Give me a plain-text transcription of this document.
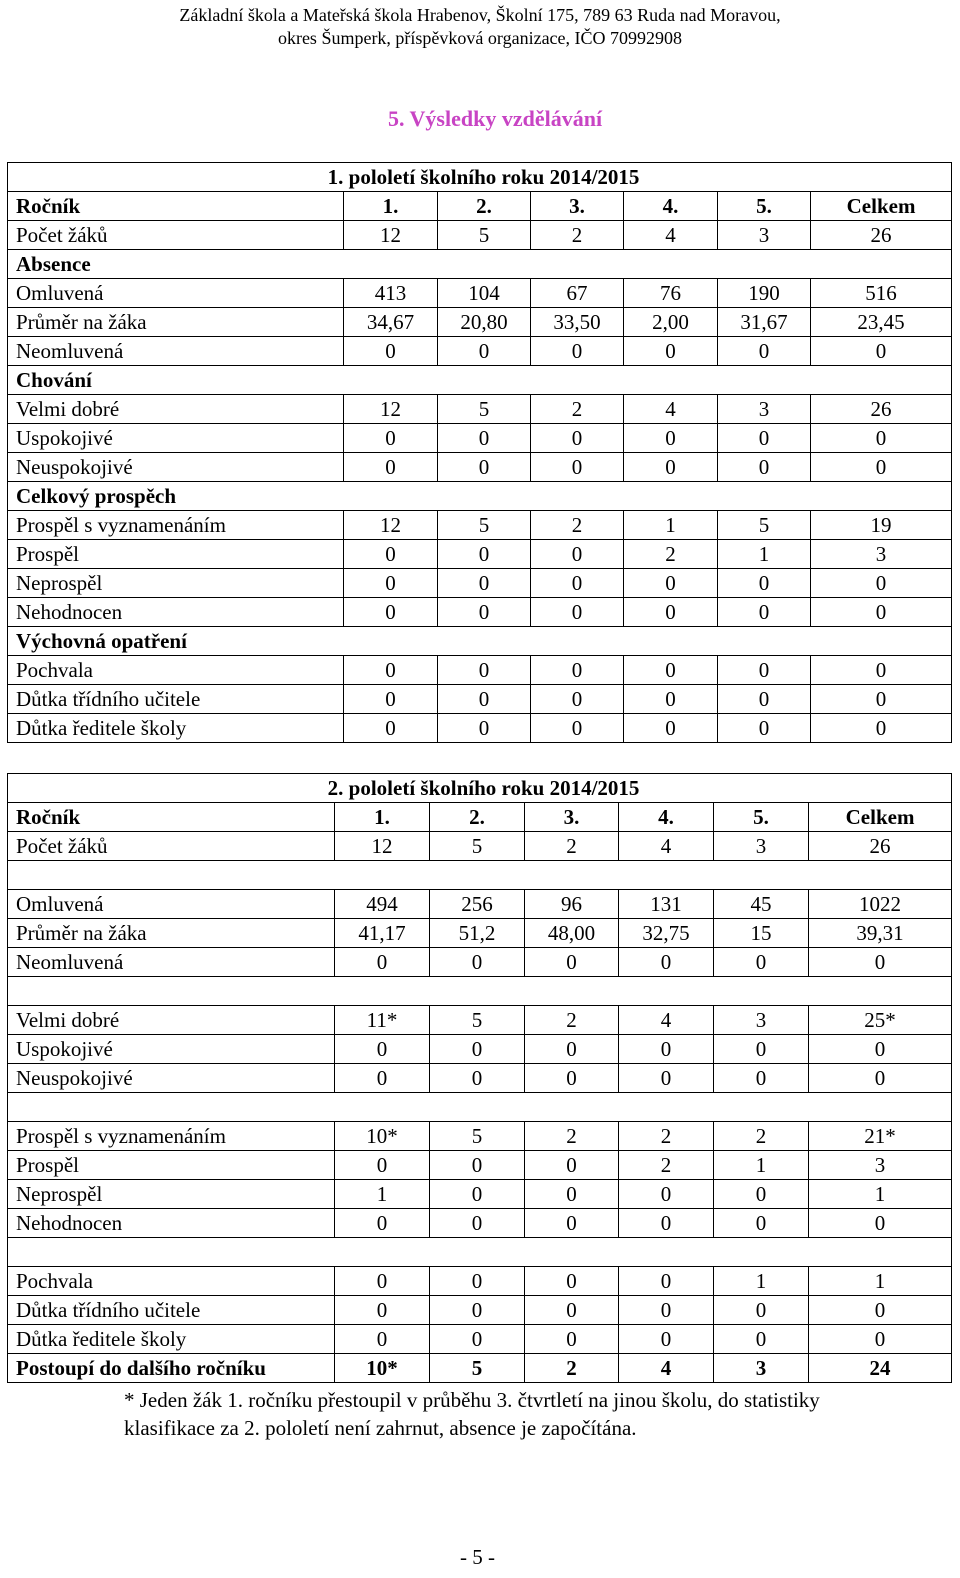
Základní škola a Mateřská škola Hrabenov, Školní 175, 789 63 Ruda nad Moravou,
okres Šumperk, příspěvková organizace, IČO 70992908
5. Výsledky vzdělávání
1. pololetí školního roku 2014/2015						
Ročník	1.	2.	3.	4.	5.	Celkem
Počet žáků	12	5	2	4	3	26
Absence						
Omluvená	413	104	67	76	190	516
Průměr na žáka	34,67	20,80	33,50	2,00	31,67	23,45
Neomluvená	0	0	0	0	0	0
Chování						
Velmi dobré	12	5	2	4	3	26
Uspokojivé	0	0	0	0	0	0
Neuspokojivé	0	0	0	0	0	0
Celkový prospěch						
Prospěl s vyznamenáním	12	5	2	1	5	19
Prospěl	0	0	0	2	1	3
Neprospěl	0	0	0	0	0	0
Nehodnocen	0	0	0	0	0	0
Výchovná opatření						
Pochvala	0	0	0	0	0	0
Důtka třídního učitele	0	0	0	0	0	0
Důtka ředitele školy	0	0	0	0	0	0
2. pololetí školního roku 2014/2015						
Ročník	1.	2.	3.	4.	5.	Celkem
Počet žáků	12	5	2	4	3	26

Omluvená	494	256	96	131	45	1022
Průměr na žáka	41,17	51,2	48,00	32,75	15	39,31
Neomluvená	0	0	0	0	0	0

Velmi dobré	11*	5	2	4	3	25*
Uspokojivé	0	0	0	0	0	0
Neuspokojivé	0	0	0	0	0	0

Prospěl s vyznamenáním	10*	5	2	2	2	21*
Prospěl	0	0	0	2	1	3
Neprospěl	1	0	0	0	0	1
Nehodnocen	0	0	0	0	0	0

Pochvala	0	0	0	0	1	1
Důtka třídního učitele	0	0	0	0	0	0
Důtka ředitele školy	0	0	0	0	0	0
Postoupí do dalšího ročníku	10*	5	2	4	3	24
* Jeden žák 1. ročníku přestoupil v průběhu 3. čtvrtletí na jinou školu, do statistiky
klasifikace za 2. pololetí není zahrnut, absence je započítána.
- 5 -
